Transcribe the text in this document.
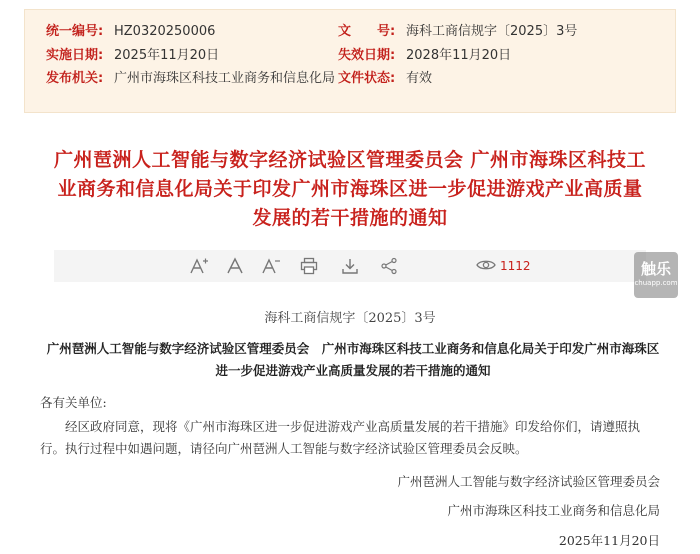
统一编号: HZ0320250006	文　　号: 海科工商信规字〔2025〕3号
实施日期: 2025年11月20日	失效日期: 2028年11月20日
发布机关: 广州市海珠区科技工业商务和信息化局 文件状态: 有效
广州琶洲人工智能与数字经济试验区管理委员会 广州市海珠区科技工业商务和信息化局关于印发广州市海珠区进一步促进游戏产业高质量发展的若干措施的通知
1112	触乐
chuapp.com
海科工商信规字〔2025〕3号
广州琶洲人工智能与数字经济试验区管理委员会　广州市海珠区科技工业商务和信息化局关于印发广州市海珠区进一步促进游戏产业高质量发展的若干措施的通知
各有关单位:
经区政府同意，现将《广州市海珠区进一步促进游戏产业高质量发展的若干措施》印发给你们，请遵照执行。执行过程中如遇问题，请径向广州琶洲人工智能与数字经济试验区管理委员会反映。
广州琶洲人工智能与数字经济试验区管理委员会
广州市海珠区科技工业商务和信息化局
2025年11月20日
